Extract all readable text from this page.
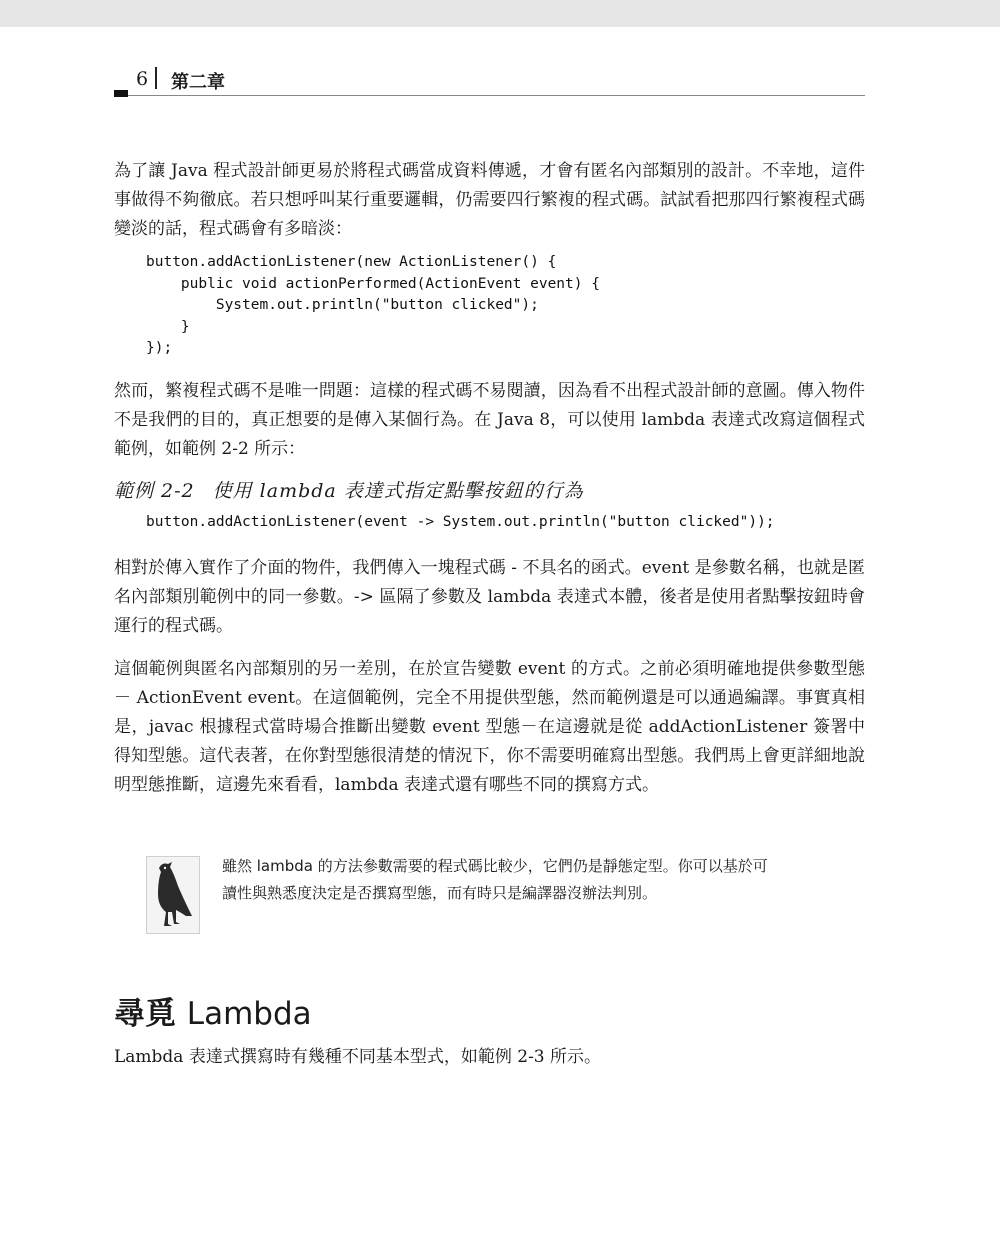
6 第二章

為了讓 Java 程式設計師更易於將程式碼當成資料傳遞，才會有匿名內部類別的設計。不幸地，這件事做得不夠徹底。若只想呼叫某行重要邏輯，仍需要四行繁複的程式碼。試試看把那四行繁複程式碼變淡的話，程式碼會有多暗淡：

button.addActionListener(new ActionListener() {
public void actionPerformed(ActionEvent event) {
System.out.println("button clicked");
}
});

然而，繁複程式碼不是唯一問題：這樣的程式碼不易閱讀，因為看不出程式設計師的意圖。傳入物件不是我們的目的，真正想要的是傳入某個行為。在 Java 8，可以使用 lambda 表達式改寫這個程式範例，如範例 2-2 所示：

範例 2-2 使用 lambda 表達式指定點擊按鈕的行為
button.addActionListener(event -> System.out.println("button clicked"));

相對於傳入實作了介面的物件，我們傳入一塊程式碼 - 不具名的函式。event 是參數名稱，也就是匿名內部類別範例中的同一參數。-> 區隔了參數及 lambda 表達式本體，後者是使用者點擊按鈕時會運行的程式碼。

這個範例與匿名內部類別的另一差別，在於宣告變數 event 的方式。之前必須明確地提供參數型態－ ActionEvent event。在這個範例，完全不用提供型態，然而範例還是可以通過編譯。事實真相是，javac 根據程式當時場合推斷出變數 event 型態－在這邊就是從 addActionListener 簽署中得知型態。這代表著，在你對型態很清楚的情況下，你不需要明確寫出型態。我們馬上會更詳細地說明型態推斷，這邊先來看看，lambda 表達式還有哪些不同的撰寫方式。

雖然 lambda 的方法參數需要的程式碼比較少，它們仍是靜態定型。你可以基於可讀性與熟悉度決定是否撰寫型態，而有時只是編譯器沒辦法判別。

尋覓 Lambda

Lambda 表達式撰寫時有幾種不同基本型式，如範例 2-3 所示。
